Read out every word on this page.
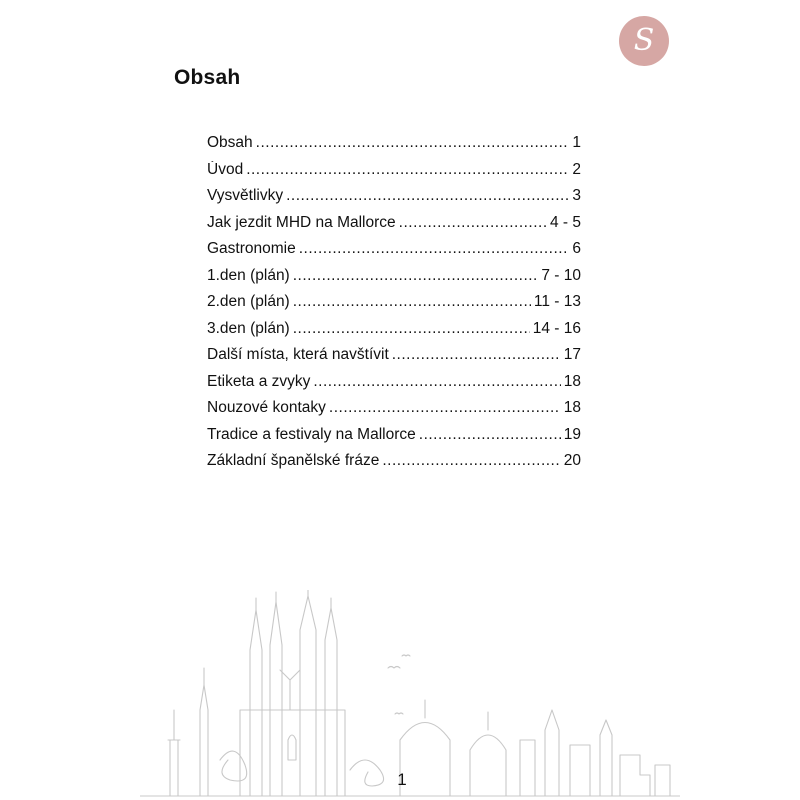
S
Obsah
Obsah .....	1
Úvod .....	2
Vysvětlivky .....	3
Jak jezdit MHD na Mallorce .....	4 - 5
Gastronomie .....	6
1.den (plán) .....	7 - 10
2.den (plán) .....	11 - 13
3.den (plán) .....	14 - 16
Další místa, která navštívit .....	17
Etiketa a zvyky .....	18
Nouzové kontaky .....	18
Tradice a festivaly na Mallorce .....	19
Základní španělské fráze .....	20
1
